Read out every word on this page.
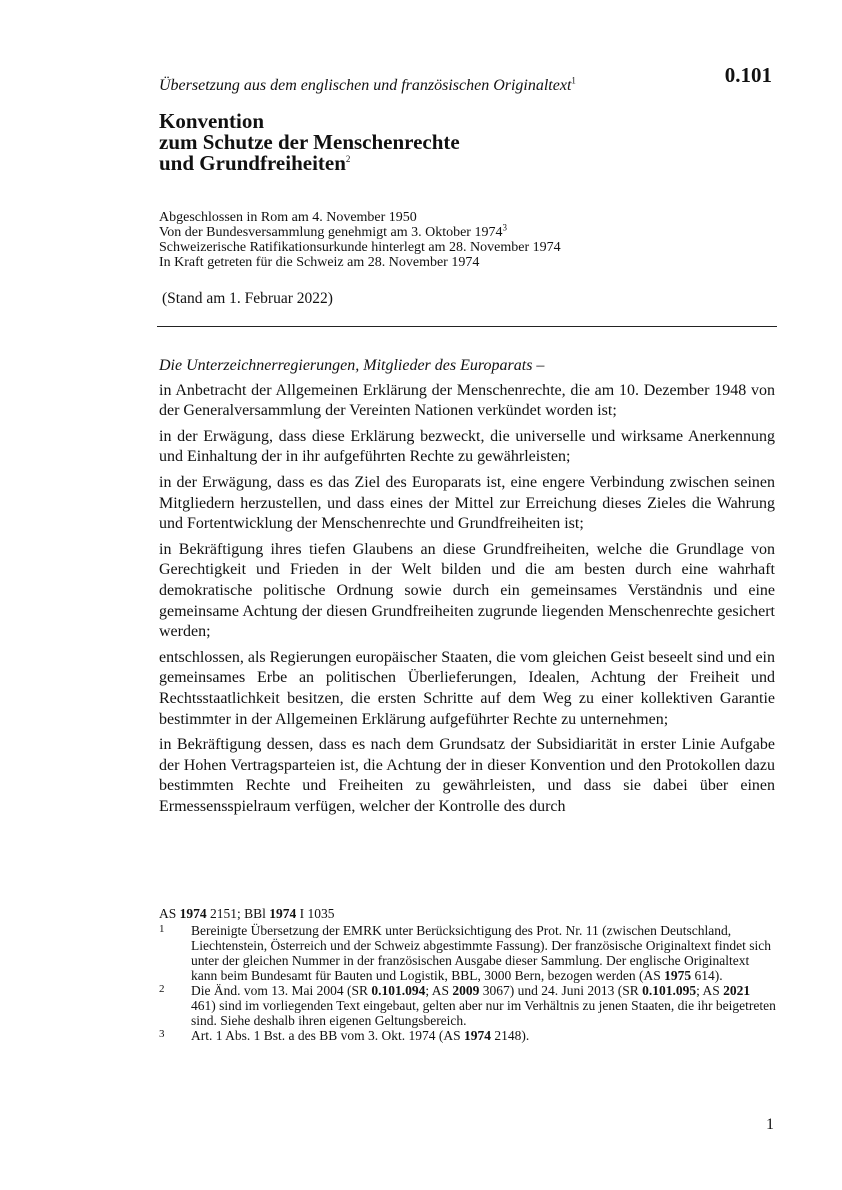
0.101
Übersetzung aus dem englischen und französischen Originaltext$^1$
Konvention
zum Schutze der Menschenrechte
und Grundfreiheiten$^2$
Abgeschlossen in Rom am 4. November 1950
Von der Bundesversammlung genehmigt am 3. Oktober 1974$^3$
Schweizerische Ratifikationsurkunde hinterlegt am 28. November 1974
In Kraft getreten für die Schweiz am 28. November 1974
(Stand am 1. Februar 2022)

Die Unterzeichnerregierungen, Mitglieder des Europarats –

in Anbetracht der Allgemeinen Erklärung der Menschenrechte, die am 10. Dezember 1948 von der Generalversammlung der Vereinten Nationen verkündet worden ist;

in der Erwägung, dass diese Erklärung bezweckt, die universelle und wirksame Anerkennung und Einhaltung der in ihr aufgeführten Rechte zu gewährleisten;

in der Erwägung, dass es das Ziel des Europarats ist, eine engere Verbindung zwischen seinen Mitgliedern herzustellen, und dass eines der Mittel zur Erreichung dieses Zieles die Wahrung und Fortentwicklung der Menschenrechte und Grundfreiheiten ist;

in Bekräftigung ihres tiefen Glaubens an diese Grundfreiheiten, welche die Grundlage von Gerechtigkeit und Frieden in der Welt bilden und die am besten durch eine wahrhaft demokratische politische Ordnung sowie durch ein gemeinsames Verständnis und eine gemeinsame Achtung der diesen Grundfreiheiten zugrunde liegenden Menschenrechte gesichert werden;

entschlossen, als Regierungen europäischer Staaten, die vom gleichen Geist beseelt sind und ein gemeinsames Erbe an politischen Überlieferungen, Idealen, Achtung der Freiheit und Rechtsstaatlichkeit besitzen, die ersten Schritte auf dem Weg zu einer kollektiven Garantie bestimmter in der Allgemeinen Erklärung aufgeführter Rechte zu unternehmen;

in Bekräftigung dessen, dass es nach dem Grundsatz der Subsidiarität in erster Linie Aufgabe der Hohen Vertragsparteien ist, die Achtung der in dieser Konvention und den Protokollen dazu bestimmten Rechte und Freiheiten zu gewährleisten, und dass sie dabei über einen Ermessensspielraum verfügen, welcher der Kontrolle des durch

AS 1974 2151; BBl 1974 I 1035
1	Bereinigte Übersetzung der EMRK unter Berücksichtigung des Prot. Nr. 11 (zwischen Deutschland, Liechtenstein, Österreich und der Schweiz abgestimmte Fassung). Der französische Originaltext findet sich unter der gleichen Nummer in der französischen Ausgabe dieser Sammlung. Der englische Originaltext kann beim Bundesamt für Bauten und Logistik, BBL, 3000 Bern, bezogen werden (AS 1975 614).
2	Die Änd. vom 13. Mai 2004 (SR 0.101.094; AS 2009 3067) und 24. Juni 2013 (SR 0.101.095; AS 2021 461) sind im vorliegenden Text eingebaut, gelten aber nur im Verhältnis zu jenen Staaten, die ihr beigetreten sind. Siehe deshalb ihren eigenen Geltungsbereich.
3	Art. 1 Abs. 1 Bst. a des BB vom 3. Okt. 1974 (AS 1974 2148).
1
